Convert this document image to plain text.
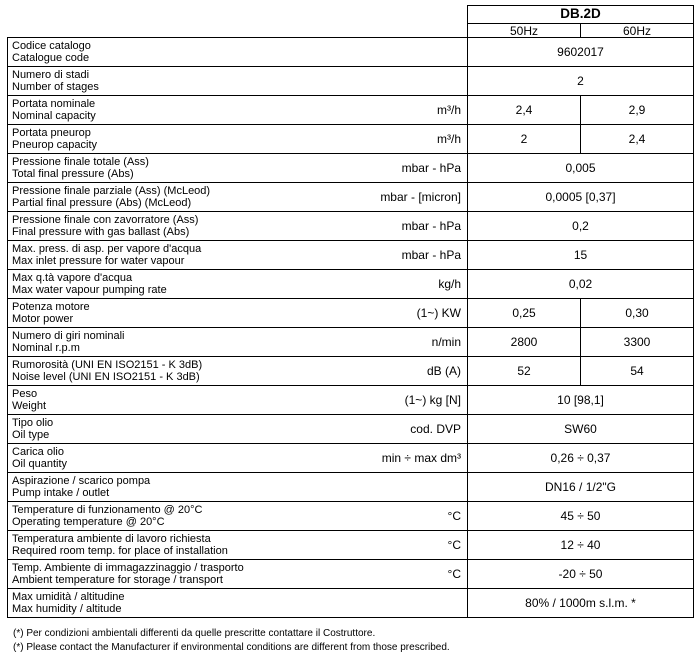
		DB.2D	
		50Hz	60Hz

Codice catalogo
Catalogue code		9602017	

Numero di stadi
Number of stages		2	

Portata nominale
Nominal capacity	m³/h	2,4	2,9

Portata pneurop
Pneurop capacity	m³/h	2	2,4

Pressione finale totale (Ass)
Total final pressure (Abs)	mbar - hPa	0,005	

Pressione finale parziale (Ass) (McLeod)
Partial final pressure (Abs) (McLeod)	mbar - [micron]	0,0005 [0,37]	

Pressione finale con zavorratore (Ass)
Final pressure with gas ballast (Abs)	mbar - hPa	0,2	

Max. press. di asp. per vapore d'acqua
Max inlet pressure for water vapour	mbar - hPa	15	

Max q.tà vapore d'acqua
Max water vapour pumping rate	kg/h	0,02	

Potenza motore
Motor power	(1~) KW	0,25	0,30

Numero di giri nominali
Nominal r.p.m	n/min	2800	3300

Rumorosità (UNI EN ISO2151 - K 3dB)
Noise level (UNI EN ISO2151 - K 3dB)	dB (A)	52	54

Peso
Weight	(1~) kg [N]	10 [98,1]	

Tipo olio
Oil type	cod. DVP	SW60	

Carica olio
Oil quantity	min ÷ max dm³	0,26 ÷ 0,37	

Aspirazione / scarico pompa
Pump intake / outlet		DN16 / 1/2"G	

Temperature di funzionamento @ 20°C
Operating temperature @ 20°C	°C	45 ÷ 50	

Temperatura ambiente di lavoro richiesta
Required room temp. for place of installation	°C	12 ÷ 40	

Temp. Ambiente di immagazzinaggio / trasporto
Ambient temperature for storage / transport	°C	-20 ÷ 50	

Max umidità / altitudine
Max humidity / altitude		80% / 1000m s.l.m. *	
(*) Per condizioni ambientali differenti da quelle prescritte contattare il Costruttore.
(*) Please contact the Manufacturer if environmental conditions are different from those prescribed.
